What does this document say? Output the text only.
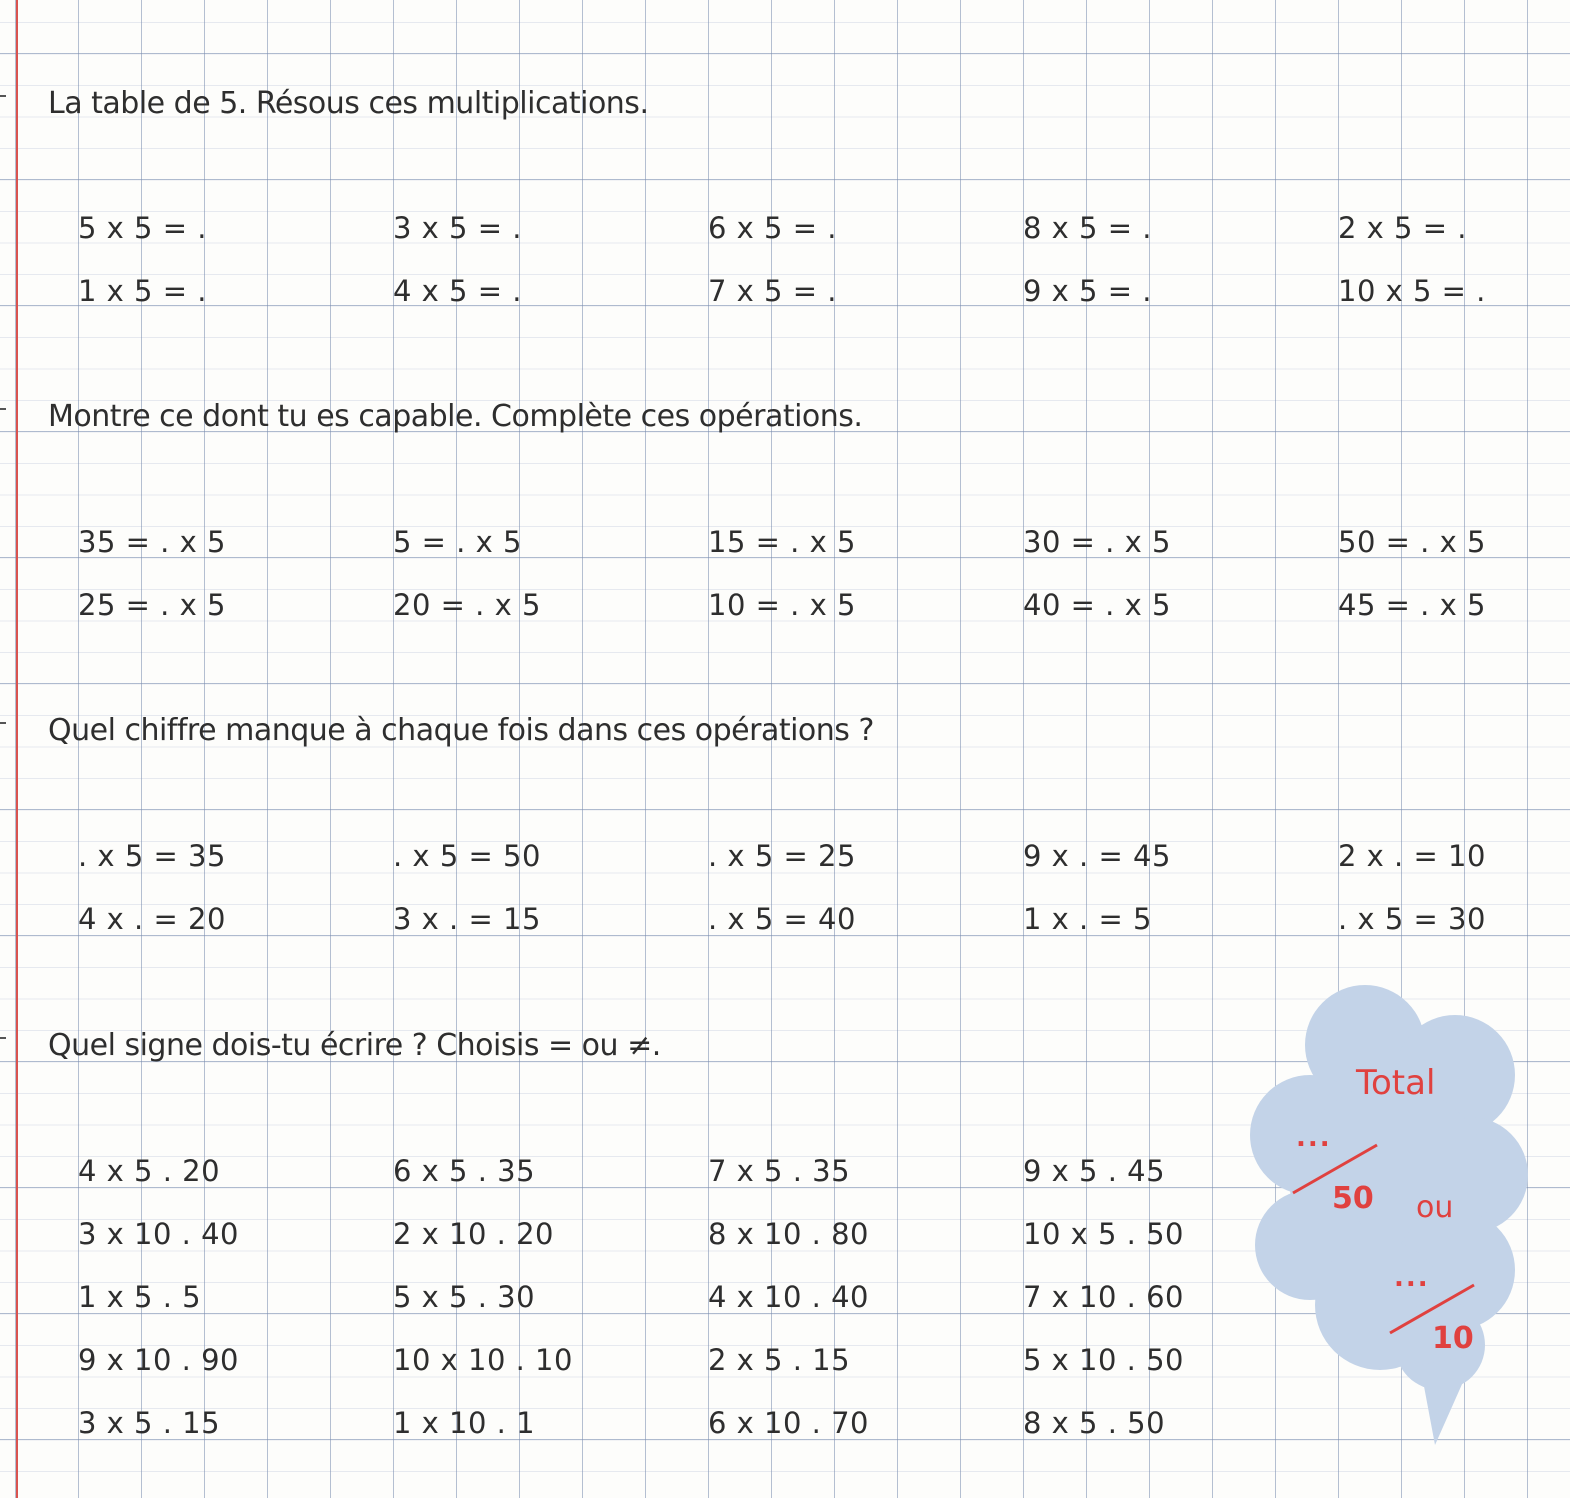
La table de 5. Résous ces multiplications.
5 x 5 = .	3 x 5 = .	6 x 5 = .	8 x 5 = .	2 x 5 = .
1 x 5 = .	4 x 5 = .	7 x 5 = .	9 x 5 = .	10 x 5 = .
Montre ce dont tu es capable. Complète ces opérations.
35 = . x 5	5 = . x 5	15 = . x 5	30 = . x 5	50 = . x 5
25 = . x 5	20 = . x 5	10 = . x 5	40 = . x 5	45 = . x 5
Quel chiffre manque à chaque fois dans ces opérations ?
. x 5 = 35	. x 5 = 50	. x 5 = 25	9 x . = 45	2 x . = 10
4 x . = 20	3 x . = 15	. x 5 = 40	1 x . = 5	. x 5 = 30
Quel signe dois-tu écrire ? Choisis = ou ≠.
4 x 5 . 20	6 x 5 . 35	7 x 5 . 35	9 x 5 . 45
3 x 10 . 40	2 x 10 . 20	8 x 10 . 80	10 x 5 . 50
1 x 5 . 5	5 x 5 . 30	4 x 10 . 40	7 x 10 . 60
9 x 10 . 90	10 x 10 . 10	2 x 5 . 15	5 x 10 . 50
3 x 5 . 15	1 x 10 . 1	6 x 10 . 70	8 x 5 . 50
Total
...
50 ou
...
10
